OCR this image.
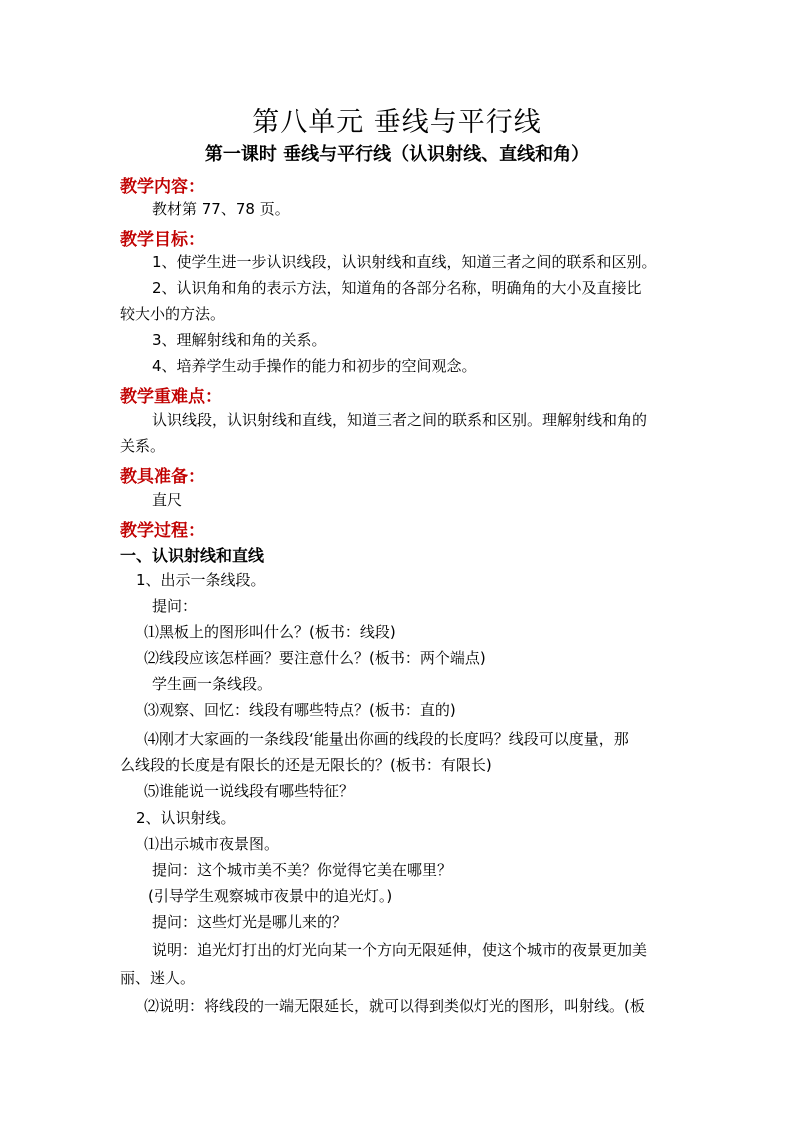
第八单元 垂线与平行线
第一课时 垂线与平行线（认识射线、直线和角）
教学内容：
教材第 77、78 页。
教学目标：
1、使学生进一步认识线段，认识射线和直线，知道三者之间的联系和区别。
2、认识角和角的表示方法，知道角的各部分名称，明确角的大小及直接比
较大小的方法。
3、理解射线和角的关系。
4、培养学生动手操作的能力和初步的空间观念。
教学重难点：
认识线段，认识射线和直线，知道三者之间的联系和区别。理解射线和角的
关系。
教具准备：
直尺
教学过程：
一、认识射线和直线
1、出示一条线段。
提问：
⑴黑板上的图形叫什么？(板书：线段)
⑵线段应该怎样画？要注意什么？(板书：两个端点)
学生画一条线段。
⑶观察、回忆：线段有哪些特点？(板书：直的)
⑷刚才大家画的一条线段‘能量出你画的线段的长度吗？线段可以度量，那
么线段的长度是有限长的还是无限长的？(板书：有限长)
⑸谁能说一说线段有哪些特征？
2、认识射线。
⑴出示城市夜景图。
提问：这个城市美不美？你觉得它美在哪里？
(引导学生观察城市夜景中的追光灯。)
提问：这些灯光是哪儿来的？
说明：追光灯打出的灯光向某一个方向无限延伸，使这个城市的夜景更加美
丽、迷人。
⑵说明：将线段的一端无限延长，就可以得到类似灯光的图形，叫射线。(板
